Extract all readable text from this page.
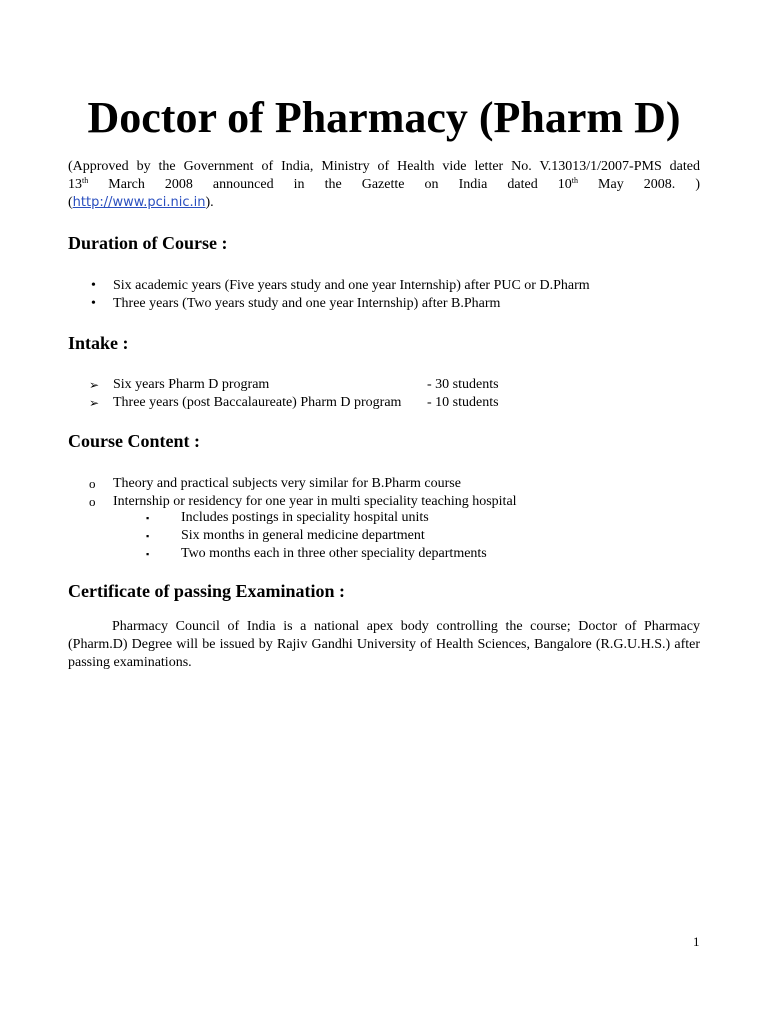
Doctor of Pharmacy (Pharm D)
(Approved by the Government of India, Ministry of Health vide letter No. V.13013/1/2007-PMS dated
13th March 2008 announced in the Gazette on India dated 10th May 2008. )
(http://www.pci.nic.in).
Duration of Course :
• Six academic years (Five years study and one year Internship) after PUC or D.Pharm
• Three years (Two years study and one year Internship) after B.Pharm
Intake :
➢ Six years Pharm D program	- 30 students
➢ Three years (post Baccalaureate) Pharm D program - 10 students
Course Content :
o Theory and practical subjects very similar for B.Pharm course
o Internship or residency for one year in multi speciality teaching hospital
▪ Includes postings in speciality hospital units
▪ Six months in general medicine department
▪ Two months each in three other speciality departments
Certificate of passing Examination :

Pharmacy Council of India is a national apex body controlling the course; Doctor of Pharmacy (Pharm.D) Degree will be issued by Rajiv Gandhi University of Health Sciences, Bangalore (R.G.U.H.S.) after passing examinations.

1
